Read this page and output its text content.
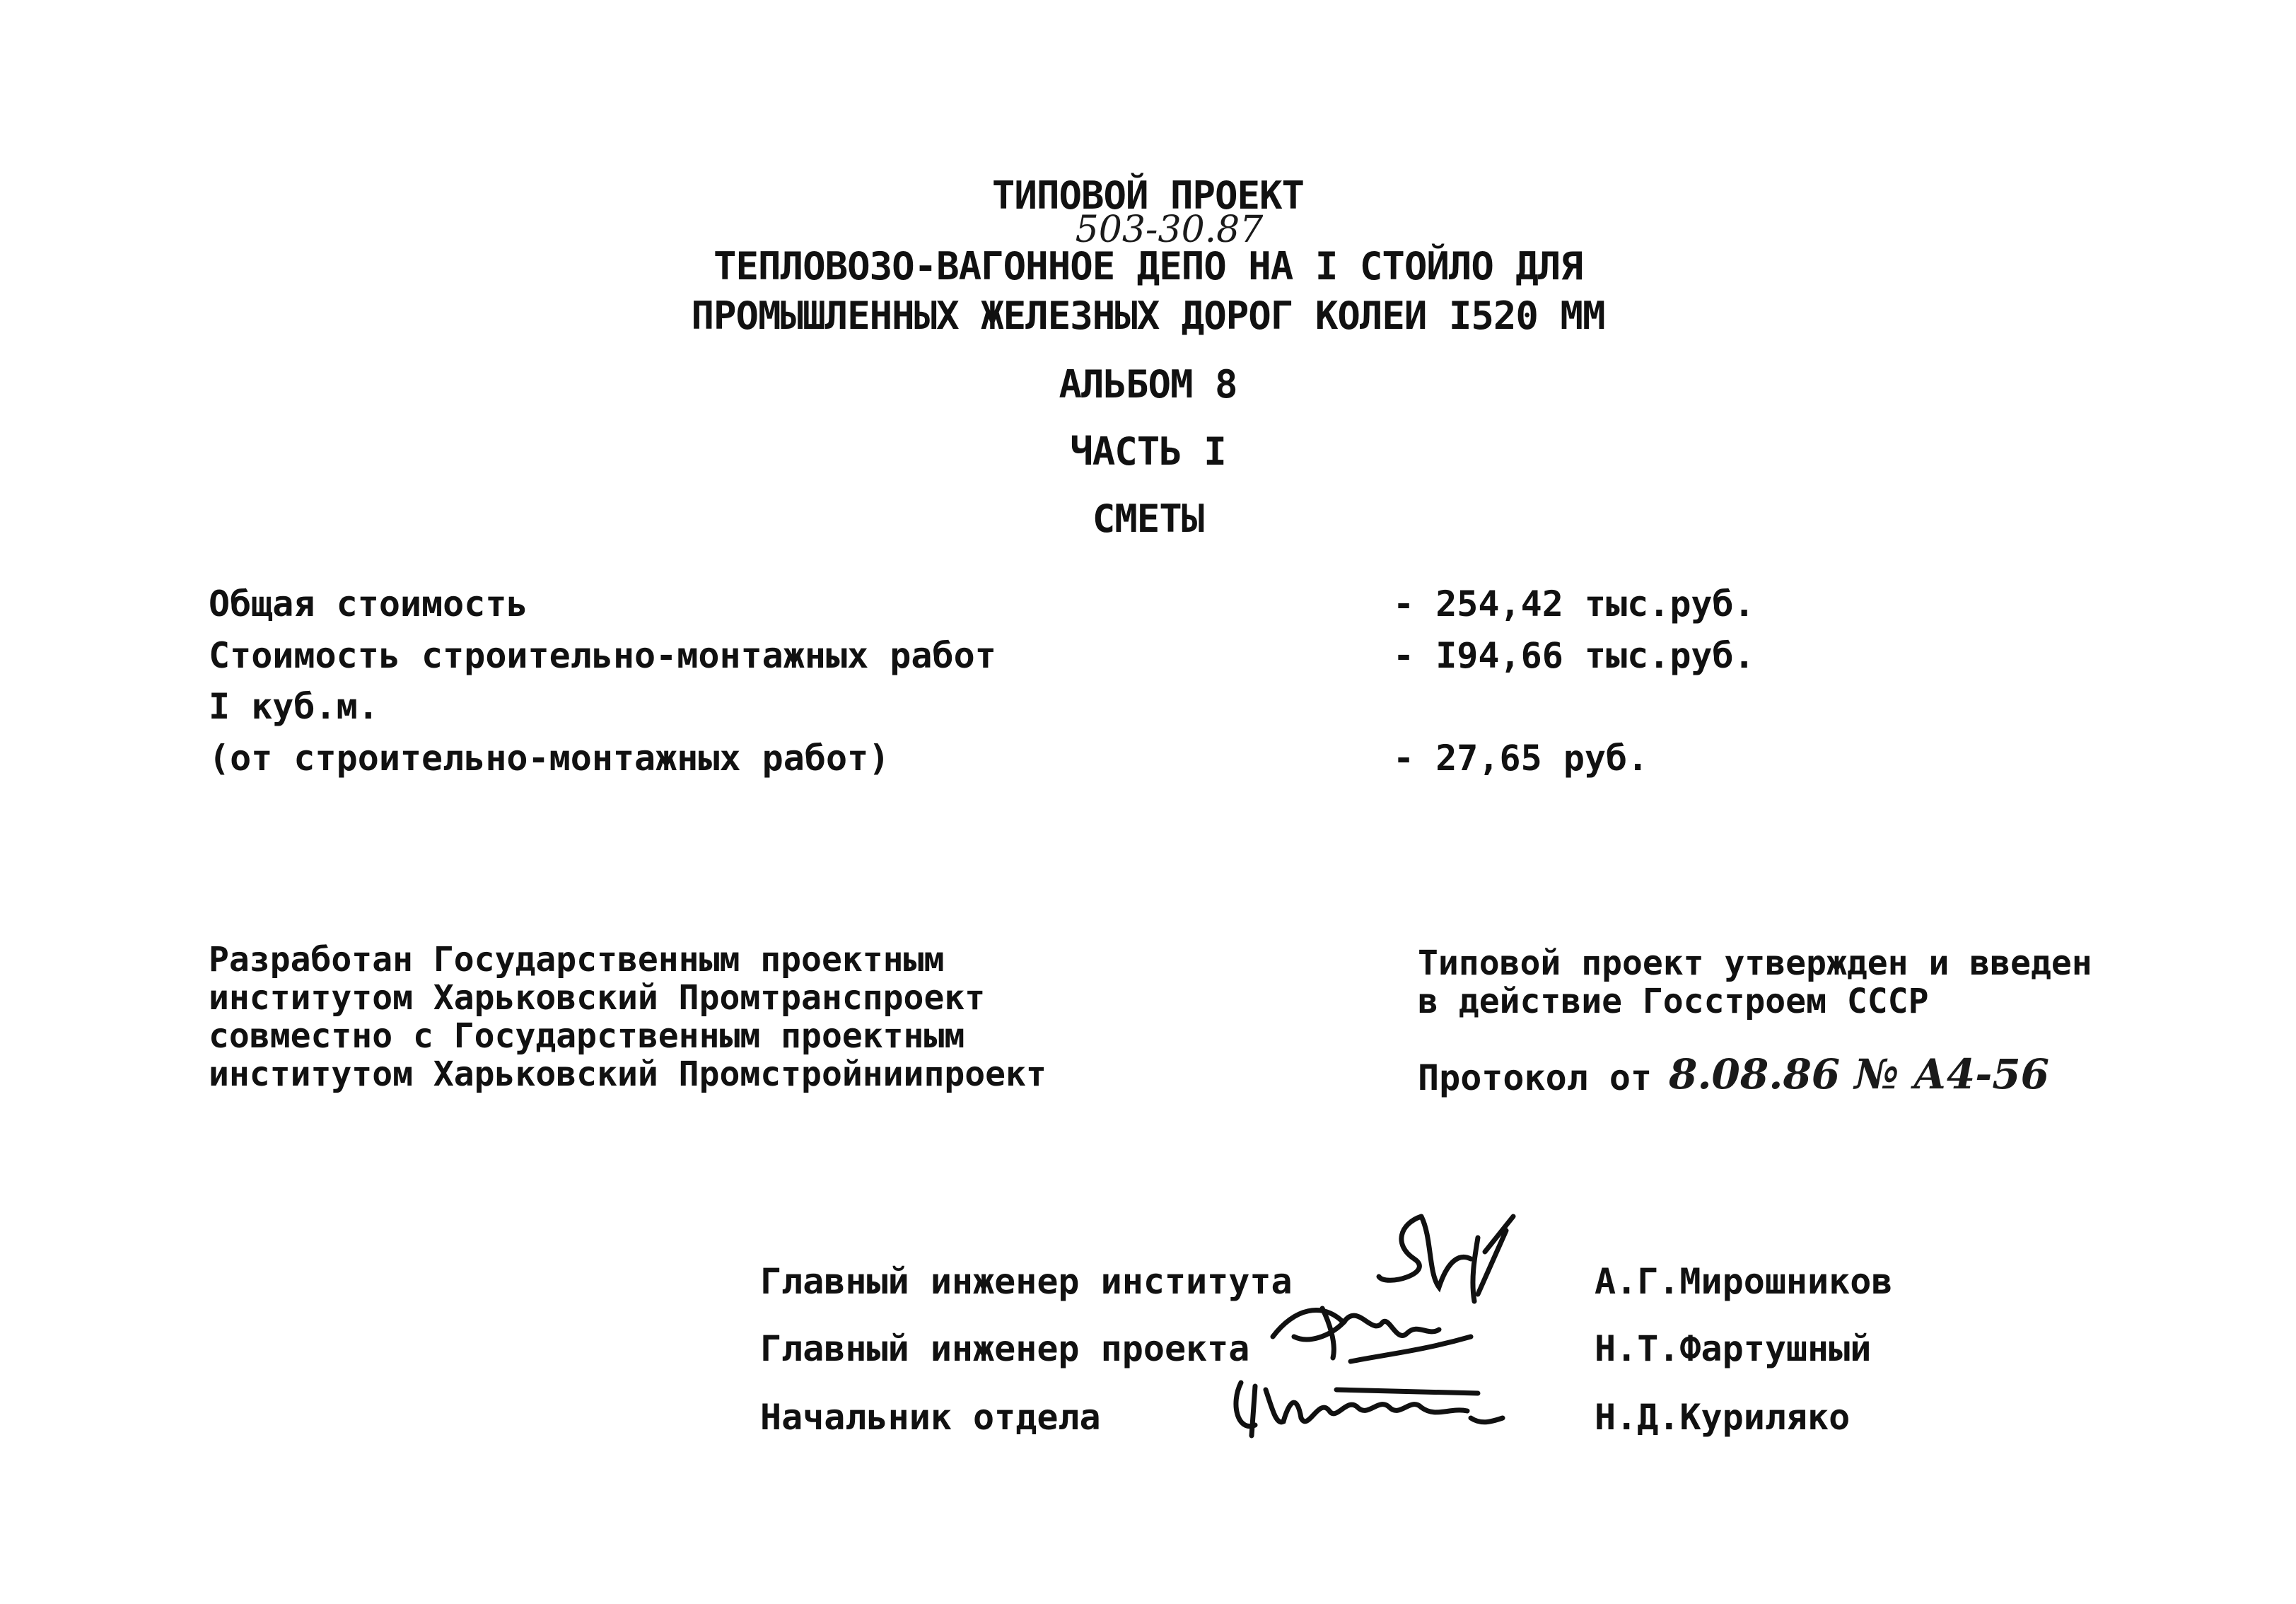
ТИПОВОЙ ПРОЕКТ
503-30.87
ТЕПЛОВОЗО-ВАГОННОЕ ДЕПО НА I СТОЙЛО ДЛЯ
ПРОМЫШЛЕННЫХ ЖЕЛЕЗНЫХ ДОРОГ КОЛЕИ I520 ММ
АЛЬБОМ 8
ЧАСТЬ I
СМЕТЫ
Общая стоимость	- 254,42 тыс.руб.
Стоимость строительно-монтажных работ	- I94,66 тыс.руб.
I куб.м.
(от строительно-монтажных работ)	- 27,65 руб.
Разработан Государственным проектным
институтом Харьковский Промтранспроект
совместно с Государственным проектным
институтом Харьковский Промстройниипроект
Типовой проект утвержден и введен
в действие Госстроем СССР
Протокол от 8.08.86 № А4-56
Главный инженер института	А.Г.Мирошников
Главный инженер проекта	Н.Т.Фартушный
Начальник отдела	Н.Д.Куриляко
